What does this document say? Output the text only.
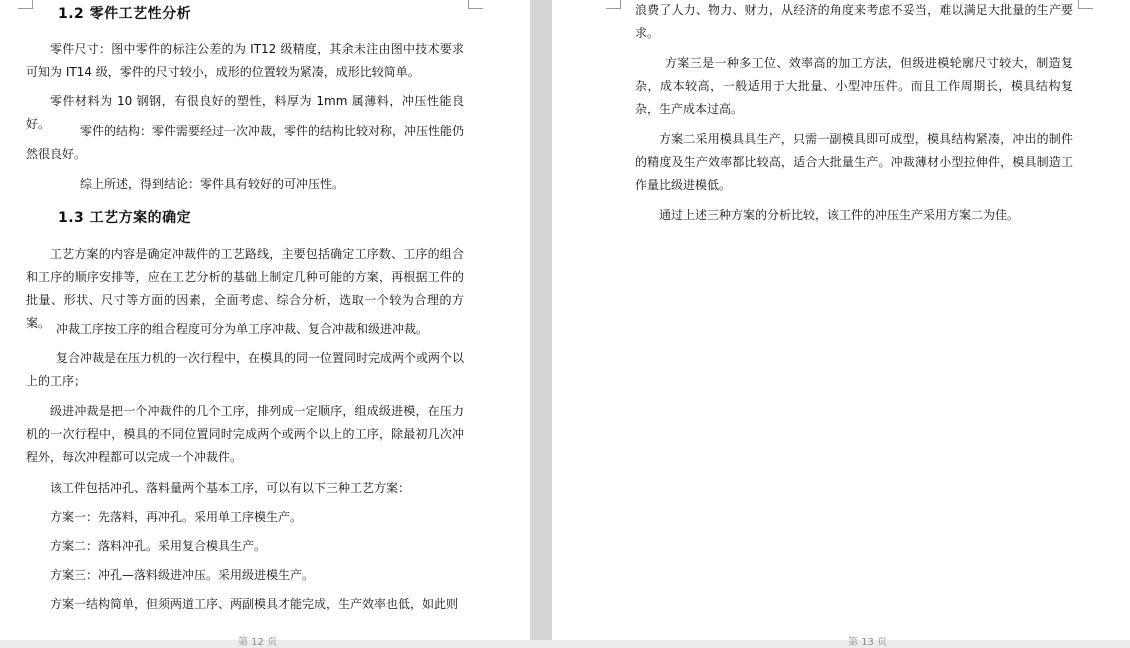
1.2 零件工艺性分析

零件尺寸：图中零件的标注公差的为 IT12 级精度，其余未注由图中技术要求可知为 IT14 级，零件的尺寸较小，成形的位置较为紧凑，成形比较简单。

零件材料为 10 钢钢，有很良好的塑性，料厚为 1mm 属薄料，冲压性能良好。	零件的结构：零件需要经过一次冲裁，零件的结构比较对称，冲压性能仍然很良好。

综上所述，得到结论：零件具有较好的可冲压性。

1.3 工艺方案的确定

工艺方案的内容是确定冲裁件的工艺路线，主要包括确定工序数、工序的组合和工序的顺序安排等，应在工艺分析的基础上制定几种可能的方案，再根据工件的批量、形状、尺寸等方面的因素，全面考虑、综合分析，选取一个较为合理的方案。 冲裁工序按工序的组合程度可分为单工序冲裁、复合冲裁和级进冲裁。

复合冲裁是在压力机的一次行程中，在模具的同一位置同时完成两个或两个以上的工序；

级进冲裁是把一个冲裁件的几个工序，排列成一定顺序，组成级进模，在压力机的一次行程中，模具的不同位置同时完成两个或两个以上的工序，除最初几次冲程外，每次冲程都可以完成一个冲裁件。

该工件包括冲孔、落料量两个基本工序，可以有以下三种工艺方案：

方案一：先落料，再冲孔。采用单工序模生产。

方案二：落料冲孔。采用复合模具生产。

方案三：冲孔—落料级进冲压。采用级进模生产。

方案一结构简单，但须两道工序、两副模具才能完成，生产效率也低，如此则

第 12 页

浪费了人力、物力、财力，从经济的角度来考虑不妥当，难以满足大批量的生产要求。

方案三是一种多工位、效率高的加工方法，但级进模轮廓尺寸较大，制造复杂，成本较高，一般适用于大批量、小型冲压件。而且工作周期长，模具结构复杂，生产成本过高。

方案二采用模具具生产，只需一副模具即可成型，模具结构紧凑，冲出的制件的精度及生产效率都比较高，适合大批量生产。冲裁薄材小型拉伸件，模具制造工作量比级进模低。

通过上述三种方案的分析比较，该工件的冲压生产采用方案二为佳。

第 13 页
